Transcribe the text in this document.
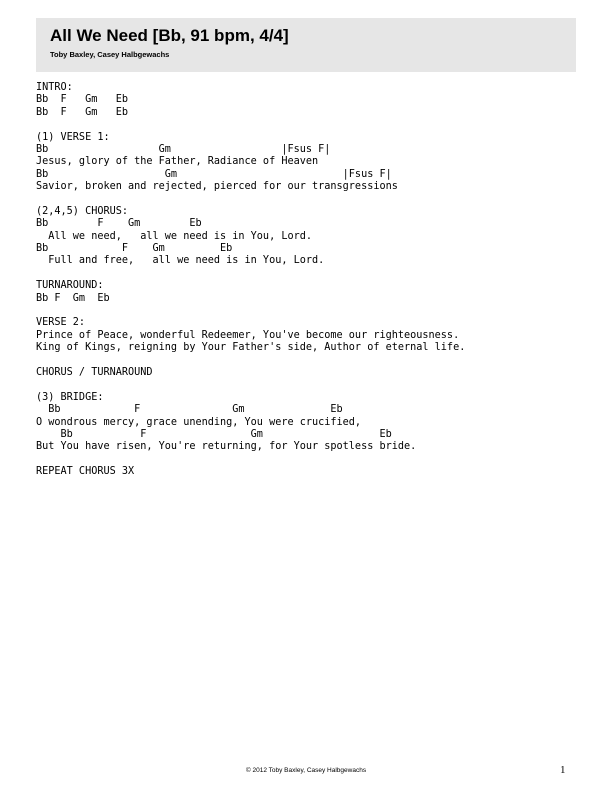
All We Need [Bb, 91 bpm, 4/4]
Toby Baxley, Casey Halbgewachs
INTRO:
Bb  F   Gm   Eb
Bb  F   Gm   Eb
(1) VERSE 1:
Bb                  Gm                  |Fsus F|
Jesus, glory of the Father, Radiance of Heaven
Bb                   Gm                           |Fsus F|
Savior, broken and rejected, pierced for our transgressions
(2,4,5) CHORUS:
Bb        F    Gm        Eb
All we need,   all we need is in You, Lord.
Bb            F    Gm         Eb
Full and free,   all we need is in You, Lord.
TURNAROUND:
Bb F  Gm  Eb
VERSE 2:
Prince of Peace, wonderful Redeemer, You've become our righteousness.
King of Kings, reigning by Your Father's side, Author of eternal life.
CHORUS / TURNAROUND
(3) BRIDGE:
Bb            F               Gm              Eb
O wondrous mercy, grace unending, You were crucified,
Bb           F                 Gm                   Eb
But You have risen, You're returning, for Your spotless bride.
REPEAT CHORUS 3X
© 2012 Toby Baxley, Casey Halbgewachs	1
